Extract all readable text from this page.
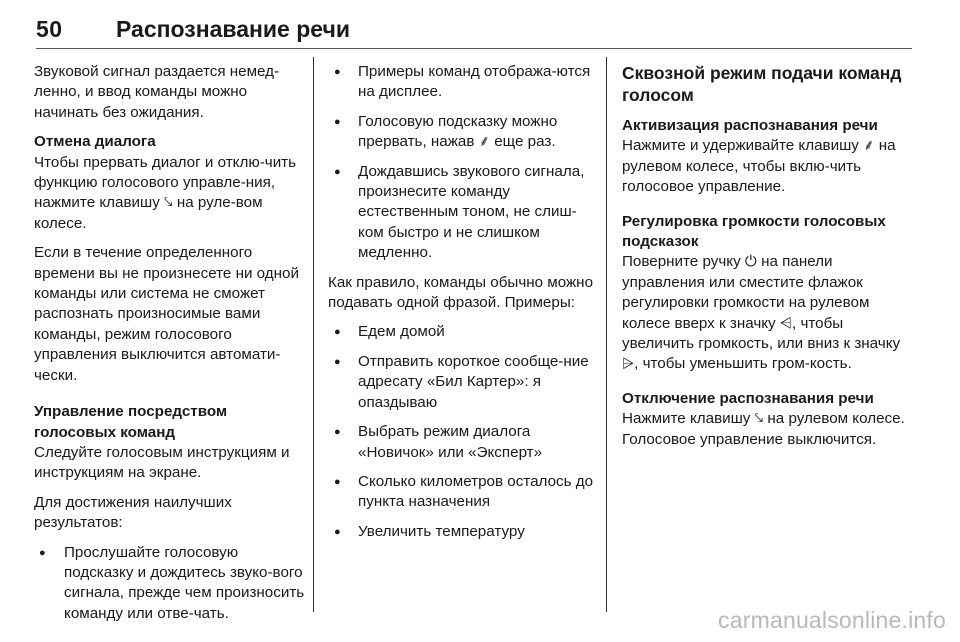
50 Распознавание речи

Звуковой сигнал раздается немед-ленно, и ввод команды можно начинать без ожидания.

Отмена диалога

Чтобы прервать диалог и отклю-чить функцию голосового управле-ния, нажмите клавишу ⤥ на руле-вом колесе.

Если в течение определенного времени вы не произнесете ни одной команды или система не сможет распознать произносимые вами команды, режим голосового управления выключится автомати-чески.

Управление посредством голосовых команд

Следуйте голосовым инструкциям и инструкциям на экране.

Для достижения наилучших результатов:

● Прослушайте голосовую подсказку и дождитесь звуко-вого сигнала, прежде чем произносить команду или отве-чать.
● Примеры команд отобража-ются на дисплее.
● Голосовую подсказку можно прервать, нажав ⸙ еще раз.
● Дождавшись звукового сигнала, произнесите команду естественным тоном, не слиш-ком быстро и не слишком медленно.

Как правило, команды обычно можно подавать одной фразой. Примеры:

● Едем домой
● Отправить короткое сообще-ние адресату «Бил Картер»: я опаздываю
● Выбрать режим диалога «Новичок» или «Эксперт»
● Сколько километров осталось до пункта назначения
● Увеличить температуру
Сквозной режим подачи команд голосом
Активизация распознавания речи

Нажмите и удерживайте клавишу ⸙ на рулевом колесе, чтобы вклю-чить голосовое управление.

Регулировка громкости голосовых подсказок

Поверните ручку ⏻ на панели управления или сместите флажок регулировки громкости на рулевом колесе вверх к значку ⩤, чтобы увеличить громкость, или вниз к значку ⩥, чтобы уменьшить гром-кость.

Отключение распознавания речи

Нажмите клавишу ⤥ на рулевом колесе. Голосовое управление выключится.

carmanualsonline.info
